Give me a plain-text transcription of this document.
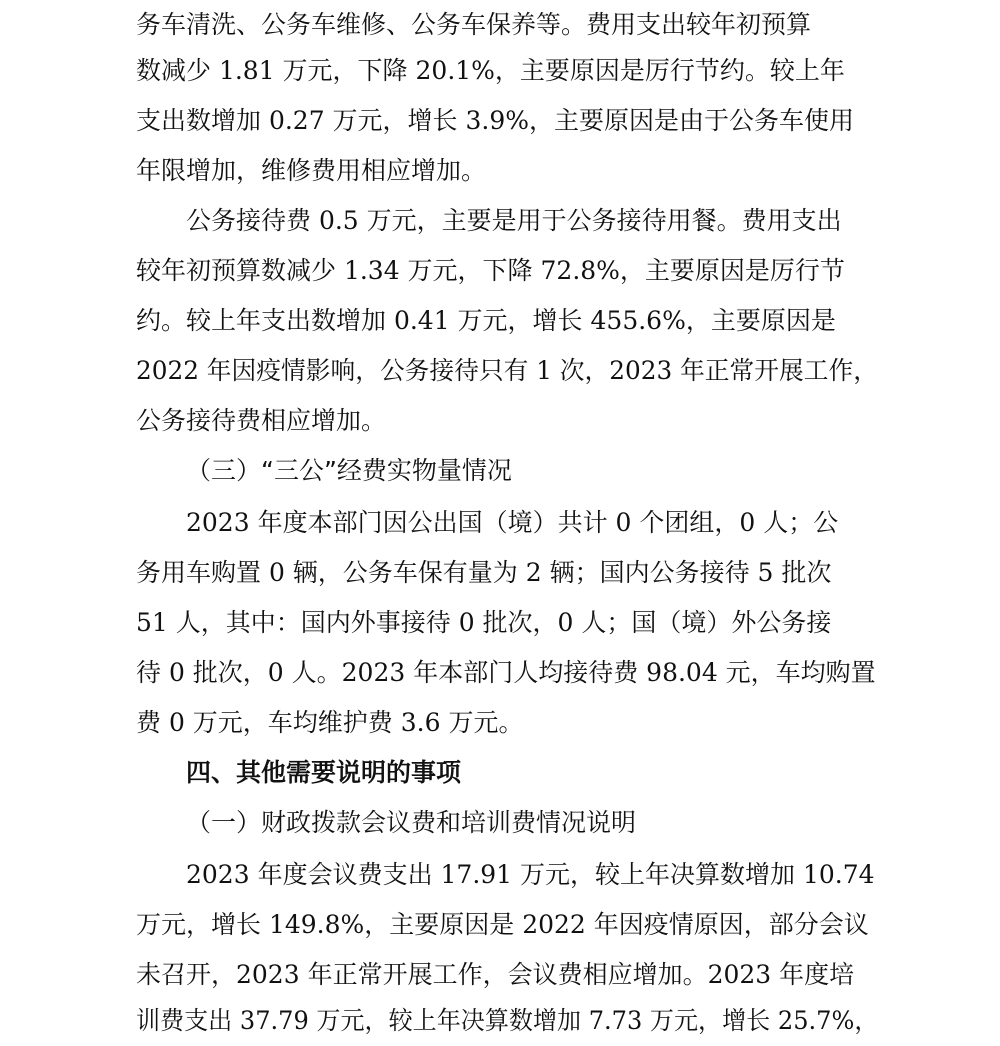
务车清洗、公务车维修、公务车保养等。费用支出较年初预算

数减少 1.81 万元，下降 20.1%，主要原因是厉行节约。较上年

支出数增加 0.27 万元，增长 3.9%，主要原因是由于公务车使用

年限增加，维修费用相应增加。

公务接待费 0.5 万元，主要是用于公务接待用餐。费用支出

较年初预算数减少 1.34 万元，下降 72.8%，主要原因是厉行节

约。较上年支出数增加 0.41 万元，增长 455.6%，主要原因是

2022 年因疫情影响，公务接待只有 1 次，2023 年正常开展工作，

公务接待费相应增加。

（三）“三公”经费实物量情况

2023 年度本部门因公出国（境）共计 0 个团组，0 人；公

务用车购置 0 辆，公务车保有量为 2 辆；国内公务接待 5 批次

51 人，其中：国内外事接待 0 批次，0 人；国（境）外公务接

待 0 批次，0 人。2023 年本部门人均接待费 98.04 元，车均购置

费 0 万元，车均维护费 3.6 万元。

四、其他需要说明的事项

（一）财政拨款会议费和培训费情况说明

2023 年度会议费支出 17.91 万元，较上年决算数增加 10.74

万元，增长 149.8%，主要原因是 2022 年因疫情原因，部分会议

未召开，2023 年正常开展工作，会议费相应增加。2023 年度培

训费支出 37.79 万元，较上年决算数增加 7.73 万元，增长 25.7%，
